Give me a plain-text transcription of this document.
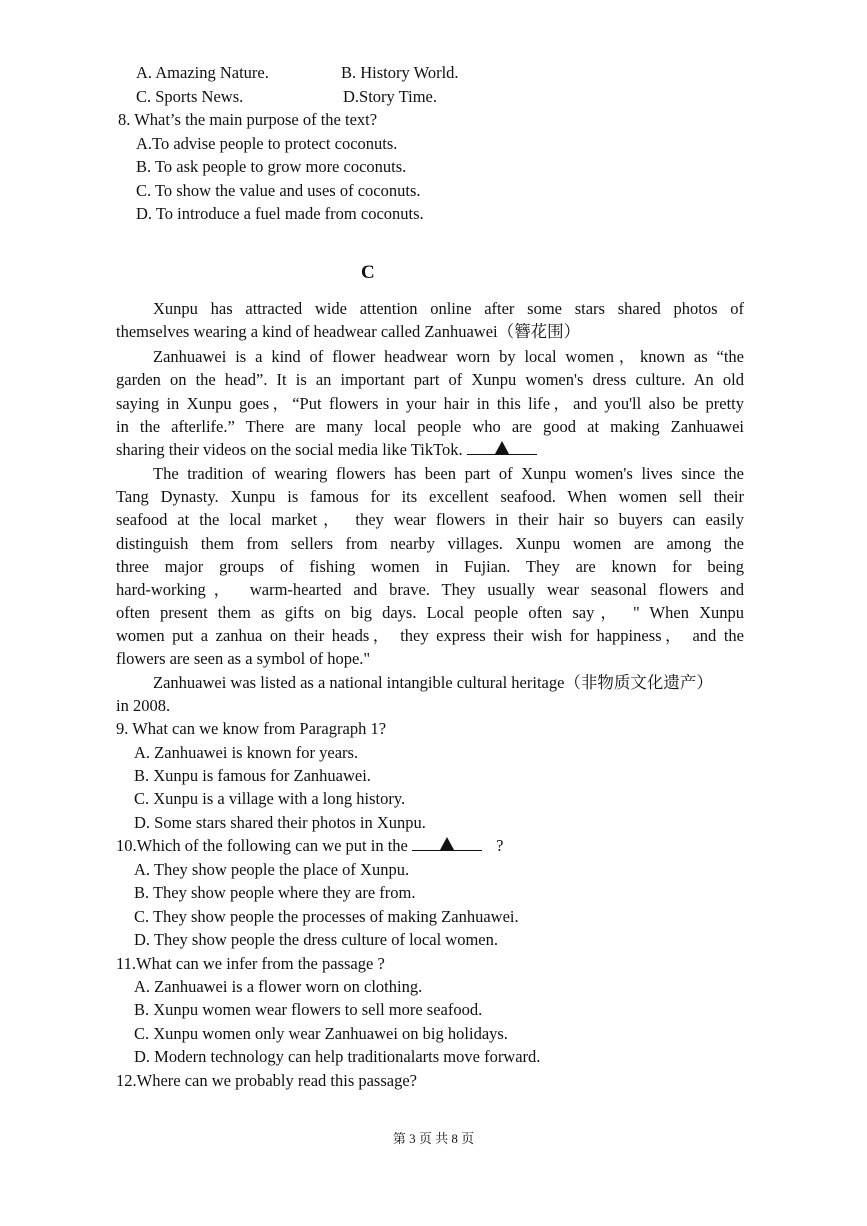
A. Amazing Nature.	B. History World.
C. Sports News.	D.Story Time.
8. What’s the main purpose of the text?
A.To advise people to protect coconuts.
B. To ask people to grow more coconuts.
C. To show the value and uses of coconuts.
D. To introduce a fuel made from coconuts.
C
Xunpu has attracted wide attention online after some stars shared photos of
themselves wearing a kind of headwear called Zanhuawei（簪花围）
Zanhuawei is a kind of flower headwear worn by local women，known as “the
garden on the head”. It is an important part of Xunpu women's dress culture. An old
saying in Xunpu goes，“Put flowers in your hair in this life，and you'll also be pretty
in the afterlife.” There are many local people who are good at making Zanhuawei
sharing their videos on the social media like TikTok.
The tradition of wearing flowers has been part of Xunpu women's lives since the
Tang Dynasty. Xunpu is famous for its excellent seafood. When women sell their
seafood at the local market， they wear flowers in their hair so buyers can easily
distinguish them from sellers from nearby villages. Xunpu women are among the
three major groups of fishing women in Fujian. They are known for being
hard-working， warm-hearted and brave. They usually wear seasonal flowers and
often present them as gifts on big days. Local people often say， " When Xunpu
women put a zanhua on their heads， they express their wish for happiness， and the
flowers are seen as a symbol of hope."
Zanhuawei was listed as a national intangible cultural heritage（非物质文化遗产）
in 2008.
9. What can we know from Paragraph 1?
A. Zanhuawei is known for years.
B. Xunpu is famous for Zanhuawei.
C. Xunpu is a village with a long history.
D. Some stars shared their photos in Xunpu.
10.Which of the following can we put in the	?
A. They show people the place of Xunpu.
B. They show people where they are from.
C. They show people the processes of making Zanhuawei.
D. They show people the dress culture of local women.
11.What can we infer from the passage ?
A. Zanhuawei is a flower worn on clothing.
B. Xunpu women wear flowers to sell more seafood.
C. Xunpu women only wear Zanhuawei on big holidays.
D. Modern technology can help traditionalarts move forward.
12.Where can we probably read this passage?
第 3 页 共 8 页
